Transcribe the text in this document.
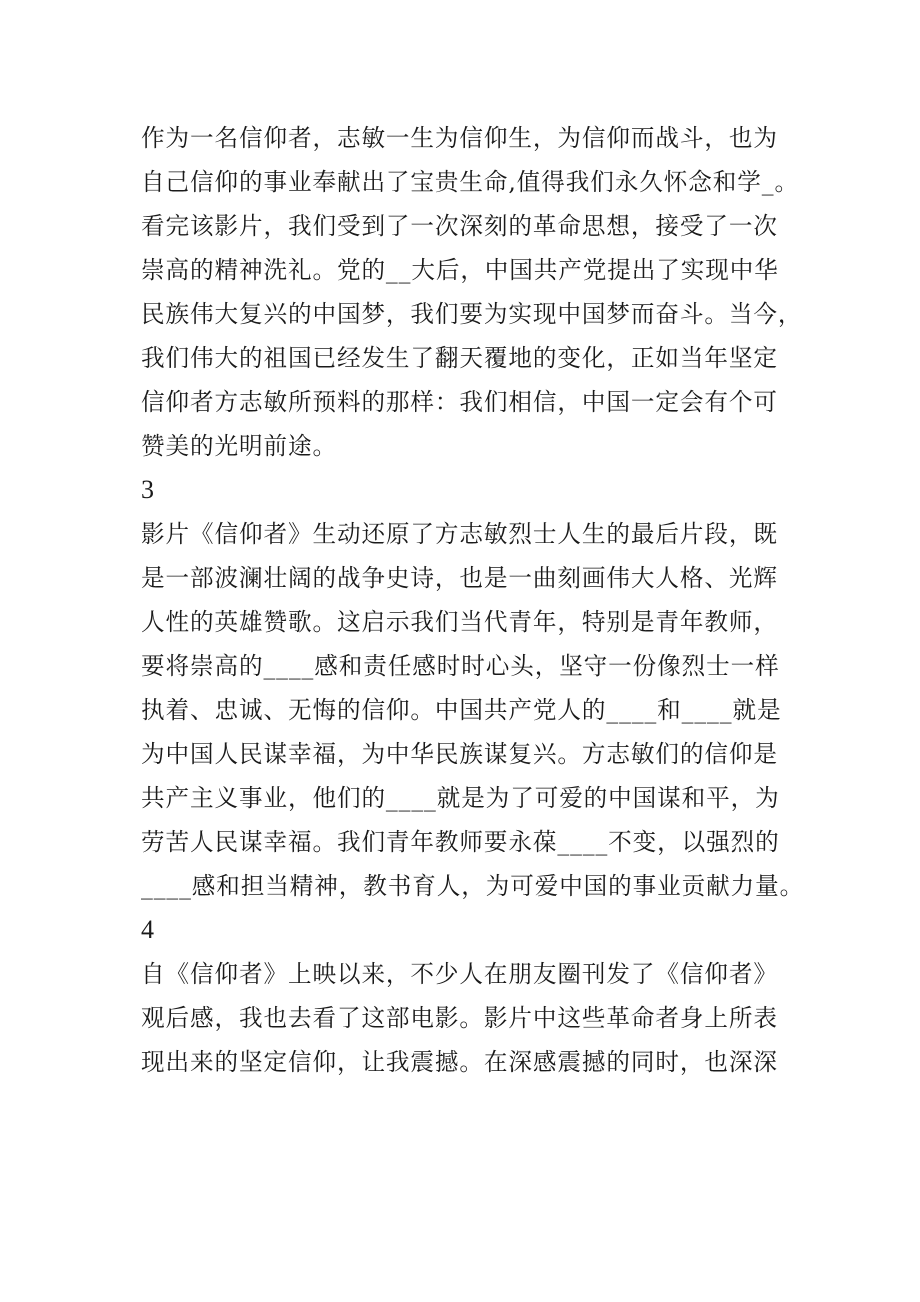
作为一名信仰者，志敏一生为信仰生，为信仰而战斗，也为
自己信仰的事业奉献出了宝贵生命,值得我们永久怀念和学_。
看完该影片，我们受到了一次深刻的革命思想，接受了一次
崇高的精神洗礼。党的__大后，中国共产党提出了实现中华
民族伟大复兴的中国梦，我们要为实现中国梦而奋斗。当今，
我们伟大的祖国已经发生了翻天覆地的变化，正如当年坚定
信仰者方志敏所预料的那样：我们相信，中国一定会有个可
赞美的光明前途。
3
影片《信仰者》生动还原了方志敏烈士人生的最后片段，既
是一部波澜壮阔的战争史诗，也是一曲刻画伟大人格、光辉
人性的英雄赞歌。这启示我们当代青年，特别是青年教师，
要将崇高的____感和责任感时时心头，坚守一份像烈士一样
执着、忠诚、无悔的信仰。中国共产党人的____和____就是
为中国人民谋幸福，为中华民族谋复兴。方志敏们的信仰是
共产主义事业，他们的____就是为了可爱的中国谋和平，为
劳苦人民谋幸福。我们青年教师要永葆____不变，以强烈的
____感和担当精神，教书育人，为可爱中国的事业贡献力量。
4
自《信仰者》上映以来，不少人在朋友圈刊发了《信仰者》
观后感，我也去看了这部电影。影片中这些革命者身上所表
现出来的坚定信仰，让我震撼。在深感震撼的同时，也深深
